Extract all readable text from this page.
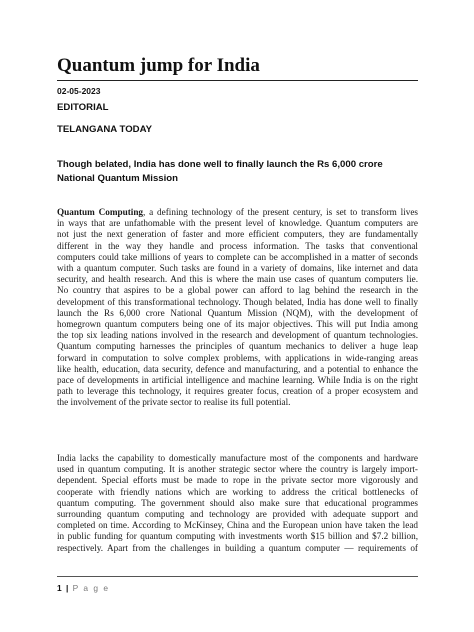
Quantum jump for India
02-05-2023
EDITORIAL
TELANGANA TODAY

Though belated, India has done well to finally launch the Rs 6,000 crore National Quantum Mission

Quantum Computing, a defining technology of the present century, is set to transform lives
in ways that are unfathomable with the present level of knowledge. Quantum computers are
not just the next generation of faster and more efficient computers, they are fundamentally
different in the way they handle and process information. The tasks that conventional
computers could take millions of years to complete can be accomplished in a matter of seconds
with a quantum computer. Such tasks are found in a variety of domains, like internet and data
security, and health research. And this is where the main use cases of quantum computers lie.
No country that aspires to be a global power can afford to lag behind the research in the
development of this transformational technology. Though belated, India has done well to finally
launch the Rs 6,000 crore National Quantum Mission (NQM), with the development of
homegrown quantum computers being one of its major objectives. This will put India among
the top six leading nations involved in the research and development of quantum technologies.
Quantum computing harnesses the principles of quantum mechanics to deliver a huge leap
forward in computation to solve complex problems, with applications in wide-ranging areas
like health, education, data security, defence and manufacturing, and a potential to enhance the
pace of developments in artificial intelligence and machine learning. While India is on the right
path to leverage this technology, it requires greater focus, creation of a proper ecosystem and
the involvement of the private sector to realise its full potential.
India lacks the capability to domestically manufacture most of the components and hardware
used in quantum computing. It is another strategic sector where the country is largely import-
dependent. Special efforts must be made to rope in the private sector more vigorously and
cooperate with friendly nations which are working to address the critical bottlenecks of
quantum computing. The government should also make sure that educational programmes
surrounding quantum computing and technology are provided with adequate support and
completed on time. According to McKinsey, China and the European union have taken the lead
in public funding for quantum computing with investments worth $15 billion and $7.2 billion,
respectively. Apart from the challenges in building a quantum computer — requirements of
1 | P a g e
